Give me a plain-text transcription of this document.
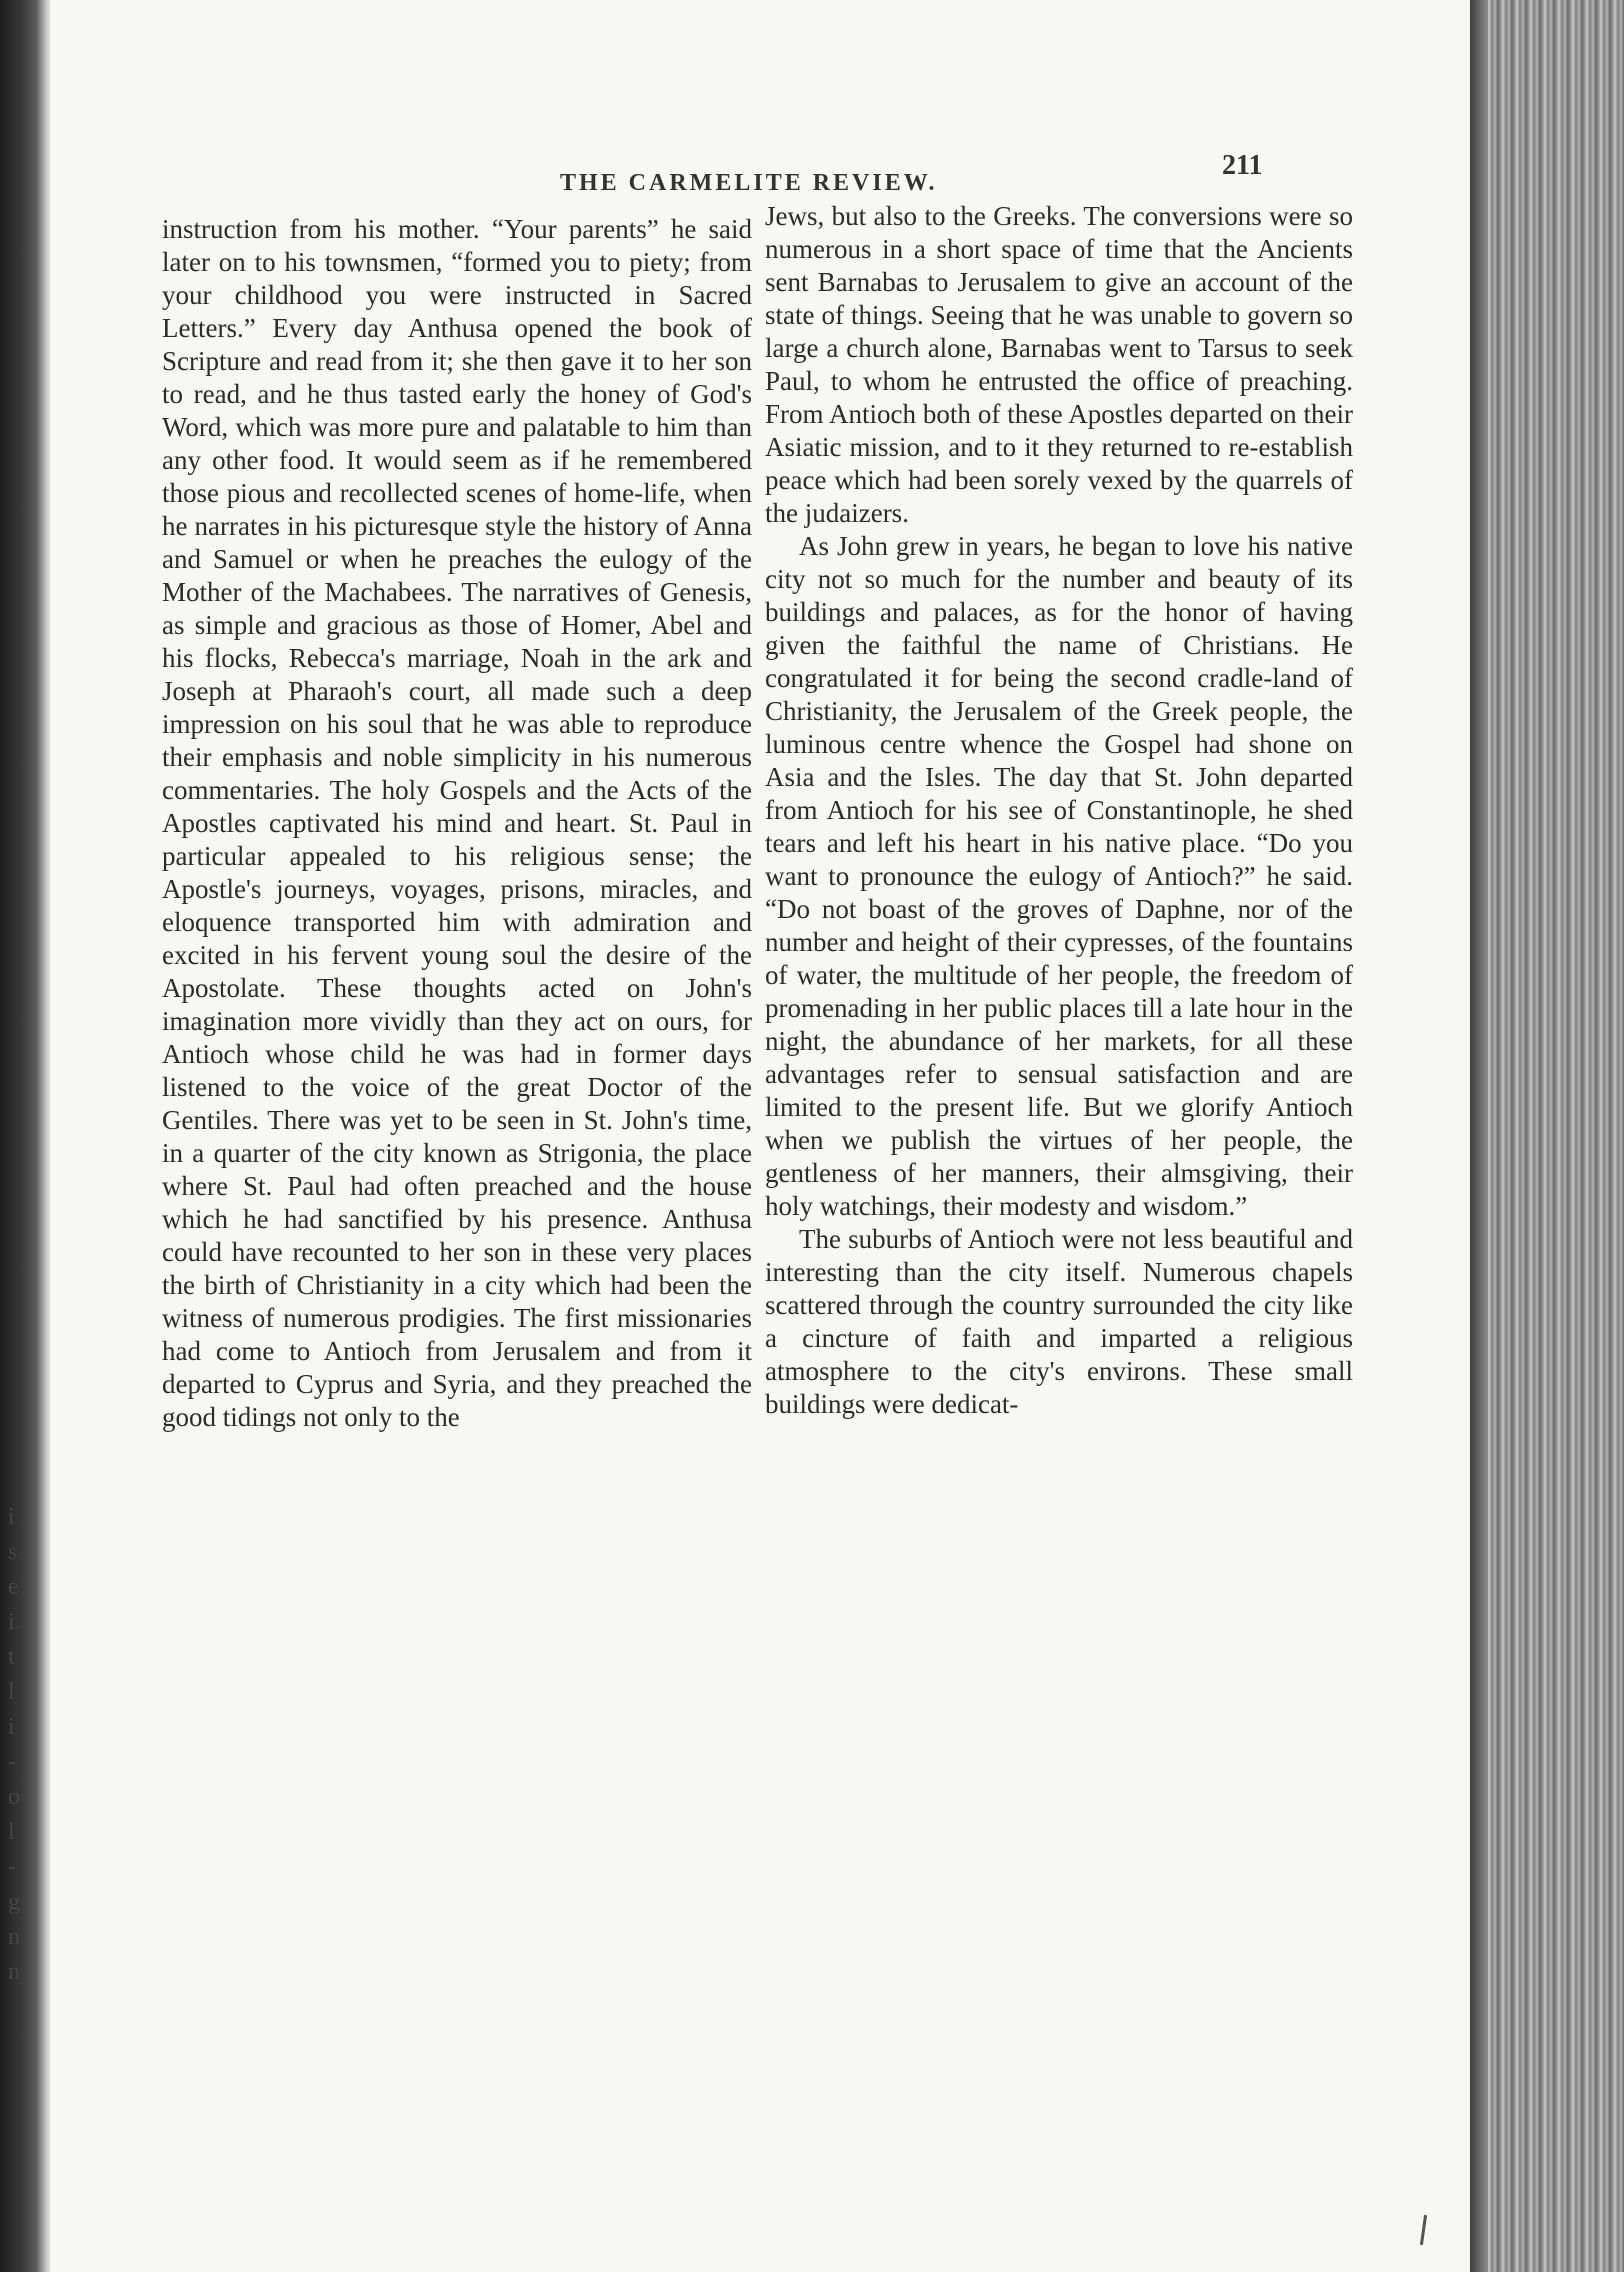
i
s
e
i.
t
l
i
-
o
l
-
g
n
n
THE CARMELITE REVIEW.
211

instruction from his mother. “Your parents” he said later on to his townsmen, “formed you to piety; from your childhood you were instructed in Sacred Letters.” Every day Anthusa opened the book of Scripture and read from it; she then gave it to her son to read, and he thus tasted early the honey of God's Word, which was more pure and palatable to him than any other food. It would seem as if he remembered those pious and recollected scenes of home-life, when he narrates in his picturesque style the history of Anna and Samuel or when he preaches the eulogy of the Mother of the Machabees. The narratives of Genesis, as simple and gracious as those of Homer, Abel and his flocks, Rebecca's marriage, Noah in the ark and Joseph at Pharaoh's court, all made such a deep impression on his soul that he was able to reproduce their emphasis and noble simplicity in his numerous commentaries. The holy Gospels and the Acts of the Apostles captivated his mind and heart. St. Paul in particular appealed to his religious sense; the Apostle's journeys, voyages, prisons, miracles, and eloquence transported him with admiration and excited in his fervent young soul the desire of the Apostolate. These thoughts acted on John's imagination more vividly than they act on ours, for Antioch whose child he was had in former days listened to the voice of the great Doctor of the Gentiles. There was yet to be seen in St. John's time, in a quarter of the city known as Strigonia, the place where St. Paul had often preached and the house which he had sanctified by his presence. Anthusa could have recounted to her son in these very places the birth of Christianity in a city which had been the witness of numerous prodigies. The first missionaries had come to Antioch from Jerusalem and from it departed to Cyprus and Syria, and they preached the good tidings not only to the

Jews, but also to the Greeks. The conversions were so numerous in a short space of time that the Ancients sent Barnabas to Jerusalem to give an account of the state of things. Seeing that he was unable to govern so large a church alone, Barnabas went to Tarsus to seek Paul, to whom he entrusted the office of preaching. From Antioch both of these Apostles departed on their Asiatic mission, and to it they returned to re-establish peace which had been sorely vexed by the quarrels of the judaizers.

As John grew in years, he began to love his native city not so much for the number and beauty of its buildings and palaces, as for the honor of having given the faithful the name of Christians. He congratulated it for being the second cradle-land of Christianity, the Jerusalem of the Greek people, the luminous centre whence the Gospel had shone on Asia and the Isles. The day that St. John departed from Antioch for his see of Constantinople, he shed tears and left his heart in his native place. “Do you want to pronounce the eulogy of Antioch?” he said. “Do not boast of the groves of Daphne, nor of the number and height of their cypresses, of the fountains of water, the multitude of her people, the freedom of promenading in her public places till a late hour in the night, the abundance of her markets, for all these advantages refer to sensual satisfaction and are limited to the present life. But we glorify Antioch when we publish the virtues of her people, the gentleness of her manners, their almsgiving, their holy watchings, their modesty and wisdom.”

The suburbs of Antioch were not less beautiful and interesting than the city itself. Numerous chapels scattered through the country surrounded the city like a cincture of faith and imparted a religious atmosphere to the city's environs. These small buildings were dedicat-
